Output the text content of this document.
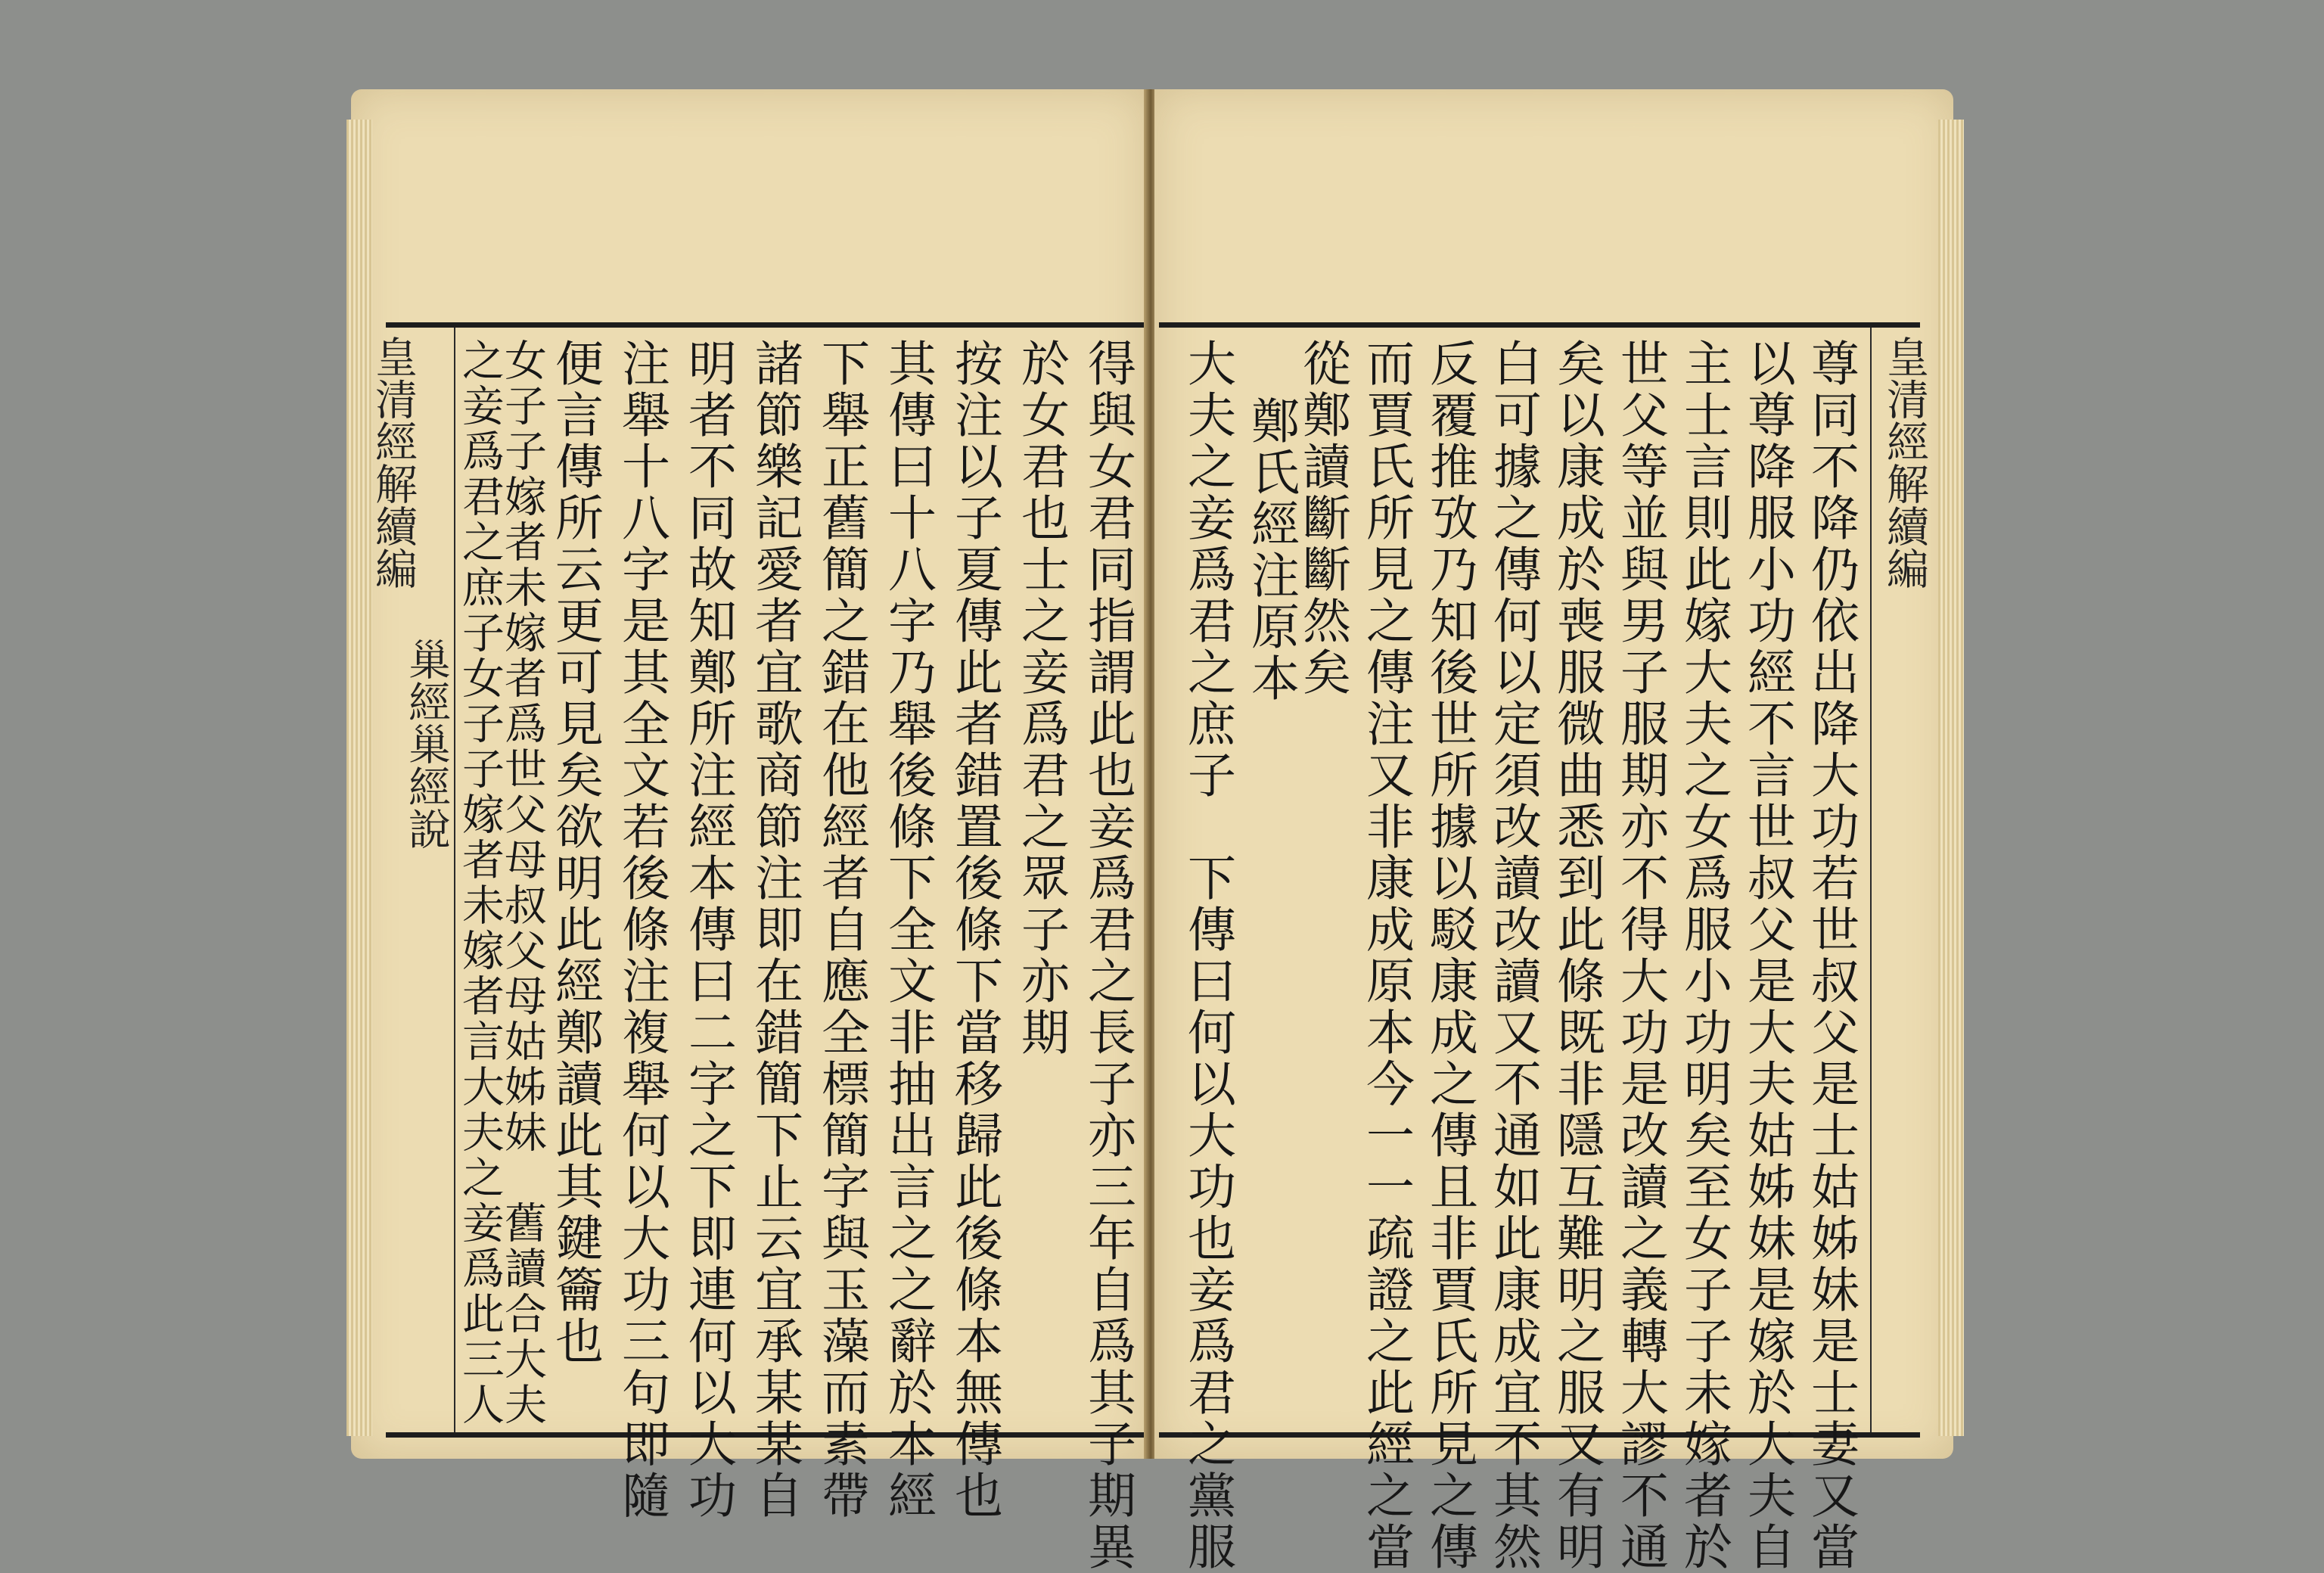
皇清經解續編
巢經巢經說	得與女君同指謂此也妾爲君之長子亦三年自爲其子期異
於女君也士之妾爲君之眾子亦期
按注以子夏傳此者錯置後條下當移歸此後條本無傳也
其傳曰十八字乃舉後條下全文非抽出言之之辭於本經
下舉正舊簡之錯在他經者自應全標簡字與玉藻而素帶
諸節樂記愛者宜歌商節注即在錯簡下止云宜承某某自
明者不同故知鄭所注經本傳曰二字之下即連何以大功
注舉十八字是其全文若後條注複舉何以大功三句即隨
便言傳所云更可見矣欲明此經鄭讀此其鍵籥也
女子子嫁者未嫁者爲世父母叔父母姑姊妹　舊讀合大夫
之妾爲君之庶子女子子嫁者未嫁者言大夫之妾爲此三人	皇清經解續編
尊同不降仍依出降大功若世叔父是士姑姊妹是士妻又當
以尊降服小功經不言世叔父是大夫姑姊妹是嫁於大夫自
主士言則此嫁大夫之女爲服小功明矣至女子子未嫁者於
世父等並與男子服期亦不得大功是改讀之義轉大謬不通
矣以康成於喪服微曲悉到此條既非隱互難明之服又有明
白可據之傳何以定須改讀改讀又不通如此康成宜不其然
反覆推攷乃知後世所據以駁康成之傳且非賈氏所見之傳
而賈氏所見之傳注又非康成原本今一一疏證之此經之當
從鄭讀斷斷然矣
鄭氏經注原本
大夫之妾爲君之庶子　下傳曰何以大功也妾爲君之黨服
